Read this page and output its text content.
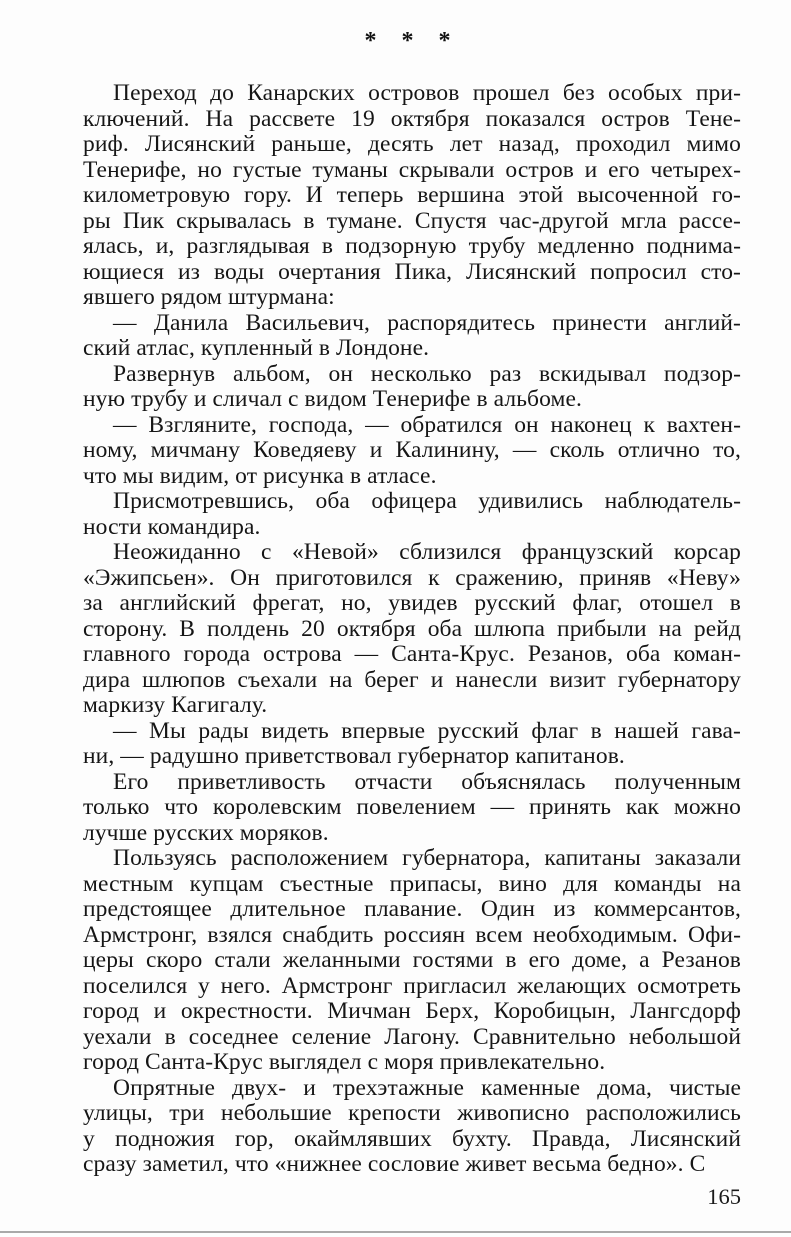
* * *
Переход до Канарских островов прошел без особых при-
ключений. На рассвете 19 октября показался остров Тене-
риф. Лисянский раньше, десять лет назад, проходил мимо
Тенерифе, но густые туманы скрывали остров и его четырех-
километровую гору. И теперь вершина этой высоченной го-
ры Пик скрывалась в тумане. Спустя час-другой мгла рассе-
ялась, и, разглядывая в подзорную трубу медленно поднима-
ющиеся из воды очертания Пика, Лисянский попросил сто-
явшего рядом штурмана:
— Данила Васильевич, распорядитесь принести англий-
ский атлас, купленный в Лондоне.
Развернув альбом, он несколько раз вскидывал подзор-
ную трубу и сличал с видом Тенерифе в альбоме.
— Взгляните, господа, — обратился он наконец к вахтен-
ному, мичману Коведяеву и Калинину, — сколь отлично то,
что мы видим, от рисунка в атласе.
Присмотревшись, оба офицера удивились наблюдатель-
ности командира.
Неожиданно с «Невой» сблизился французский корсар
«Эжипсьен». Он приготовился к сражению, приняв «Неву»
за английский фрегат, но, увидев русский флаг, отошел в
сторону. В полдень 20 октября оба шлюпа прибыли на рейд
главного города острова — Санта-Крус. Резанов, оба коман-
дира шлюпов съехали на берег и нанесли визит губернатору
маркизу Кагигалу.
— Мы рады видеть впервые русский флаг в нашей гава-
ни, — радушно приветствовал губернатор капитанов.
Его приветливость отчасти объяснялась полученным
только что королевским повелением — принять как можно
лучше русских моряков.
Пользуясь расположением губернатора, капитаны заказали
местным купцам съестные припасы, вино для команды на
предстоящее длительное плавание. Один из коммерсантов,
Армстронг, взялся снабдить россиян всем необходимым. Офи-
церы скоро стали желанными гостями в его доме, а Резанов
поселился у него. Армстронг пригласил желающих осмотреть
город и окрестности. Мичман Берх, Коробицын, Лангсдорф
уехали в соседнее селение Лагону. Сравнительно небольшой
город Санта-Крус выглядел с моря привлекательно.
Опрятные двух- и трехэтажные каменные дома, чистые
улицы, три небольшие крепости живописно расположились
у подножия гор, окаймлявших бухту. Правда, Лисянский
сразу заметил, что «нижнее сословие живет весьма бедно». С
165
